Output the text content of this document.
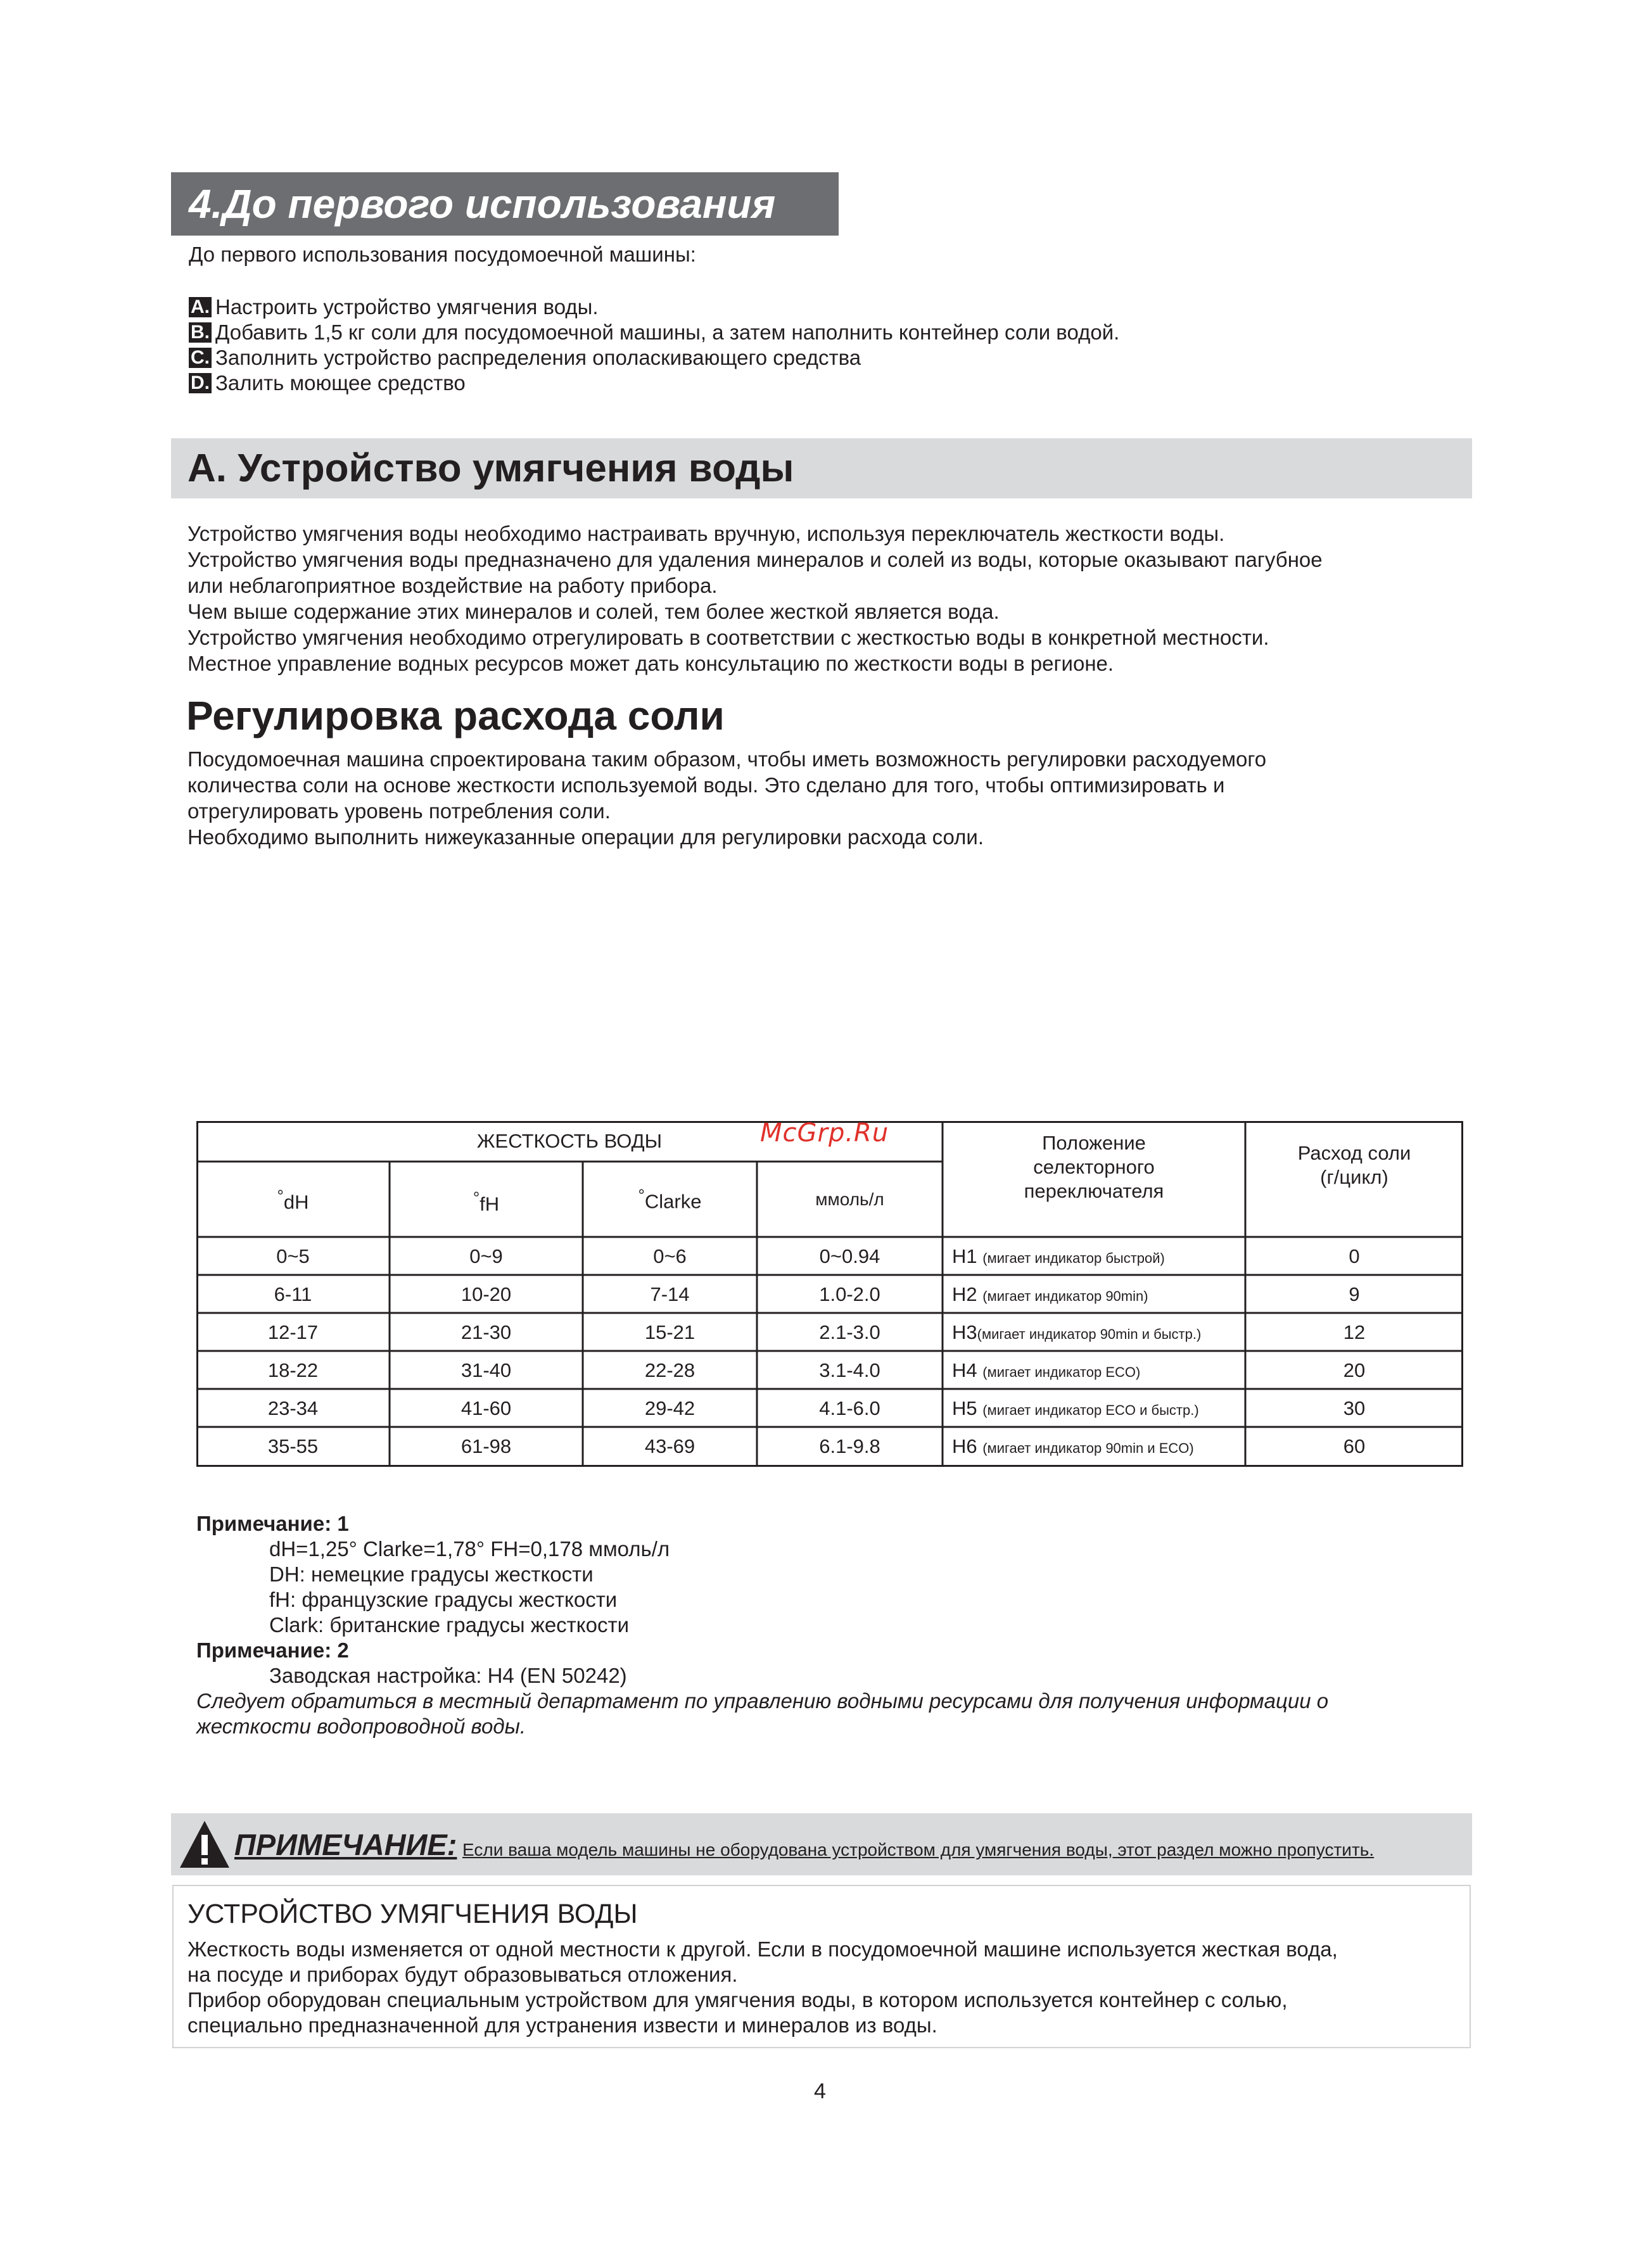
4.До первого использования
До первого использования посудомоечной машины:
A. Настроить устройство умягчения воды.
B. Добавить 1,5 кг соли для посудомоечной машины, а затем наполнить контейнер соли водой.
C. Заполнить устройство распределения ополаскивающего средства
D. Залить моющее средство
A. Устройство умягчения воды
Устройство умягчения воды необходимо настраивать вручную, используя переключатель жесткости воды.
Устройство умягчения воды предназначено для удаления минералов и солей из воды, которые оказывают пагубное
или неблагоприятное воздействие на работу прибора.
Чем выше содержание этих минералов и солей, тем более жесткой является вода.
Устройство умягчения необходимо отрегулировать в соответствии с жесткостью воды в конкретной местности.
Местное управление водных ресурсов может дать консультацию по жесткости воды в регионе.
Регулировка расхода соли
Посудомоечная машина спроектирована таким образом, чтобы иметь возможность регулировки расходуемого
количества соли на основе жесткости используемой воды. Это сделано для того, чтобы оптимизировать и
отрегулировать уровень потребления соли.
Необходимо выполнить нижеуказанные операции для регулировки расхода соли.
ЖЕСТКОСТЬ ВОДЫ
°dH	°fH	°Clarke	ммоль/л
Положение
селекторного
переключателя
Расход соли
(г/цикл)
0~5	0~9	0~6	0~0.94	H1 (мигает индикатор быстрой)	0
6-11	10-20	7-14	1.0-2.0	H2 (мигает индикатор 90min)	9
12-17	21-30	15-21	2.1-3.0	H3(мигает индикатор 90min и быстр.)	12
18-22	31-40	22-28	3.1-4.0	H4 (мигает индикатор ECO)	20
23-34	41-60	29-42	4.1-6.0	H5 (мигает индикатор ECO и быстр.)	30
35-55	61-98	43-69	6.1-9.8	H6 (мигает индикатор 90min и ECO)	60
McGrp.Ru
Примечание: 1
dH=1,25° Clarke=1,78° FH=0,178 ммоль/л
DH: немецкие градусы жесткости
fH: французские градусы жесткости
Clark: британские градусы жесткости
Примечание: 2
Заводская настройка: H4 (EN 50242)
Следует обратиться в местный департамент по управлению водными ресурсами для получения информации о
жесткости водопроводной воды.
ПРИМЕЧАНИЕ: Если ваша модель машины не оборудована устройством для умягчения воды, этот раздел можно пропустить.
УСТРОЙСТВО УМЯГЧЕНИЯ ВОДЫ
Жесткость воды изменяется от одной местности к другой. Если в посудомоечной машине используется жесткая вода,
на посуде и приборах будут образовываться отложения.
Прибор оборудован специальным устройством для умягчения воды, в котором используется контейнер с солью,
специально предназначенной для устранения извести и минералов из воды.
4
